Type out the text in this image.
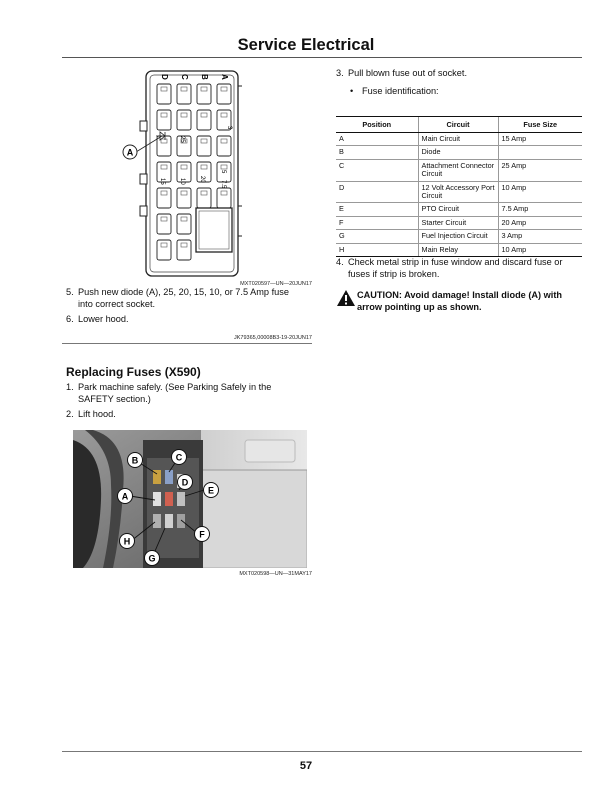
Service Electrical
A
D C B A
25
3
15 10 20
5
7.5
MXT020597—UN—20JUN17
5. Push new diode (A), 25, 20, 15, 10, or 7.5 Amp fuse into correct socket.
6. Lower hood.
JK79365,00008B3-19-20JUN17
Replacing Fuses (X590)
1. Park machine safely. (See Parking Safely in the SAFETY section.)
2. Lift hood.
B	C
D
E
A
F
H
G
MXT020598—UN—31MAY17
3. Pull blown fuse out of socket.
• Fuse identification:
Position	Circuit	Fuse Size
A	Main Circuit	15 Amp
B	Diode	
C	Attachment Connector Circuit	25 Amp
D	12 Volt Accessory Port Circuit	10 Amp
E	PTO Circuit	7.5 Amp
F	Starter Circuit	20 Amp
G	Fuel Injection Circuit	3 Amp
H	Main Relay	10 Amp
4. Check metal strip in fuse window and discard fuse or fuses if strip is broken.
CAUTION: Avoid damage! Install diode (A) with arrow pointing up as shown.
57
